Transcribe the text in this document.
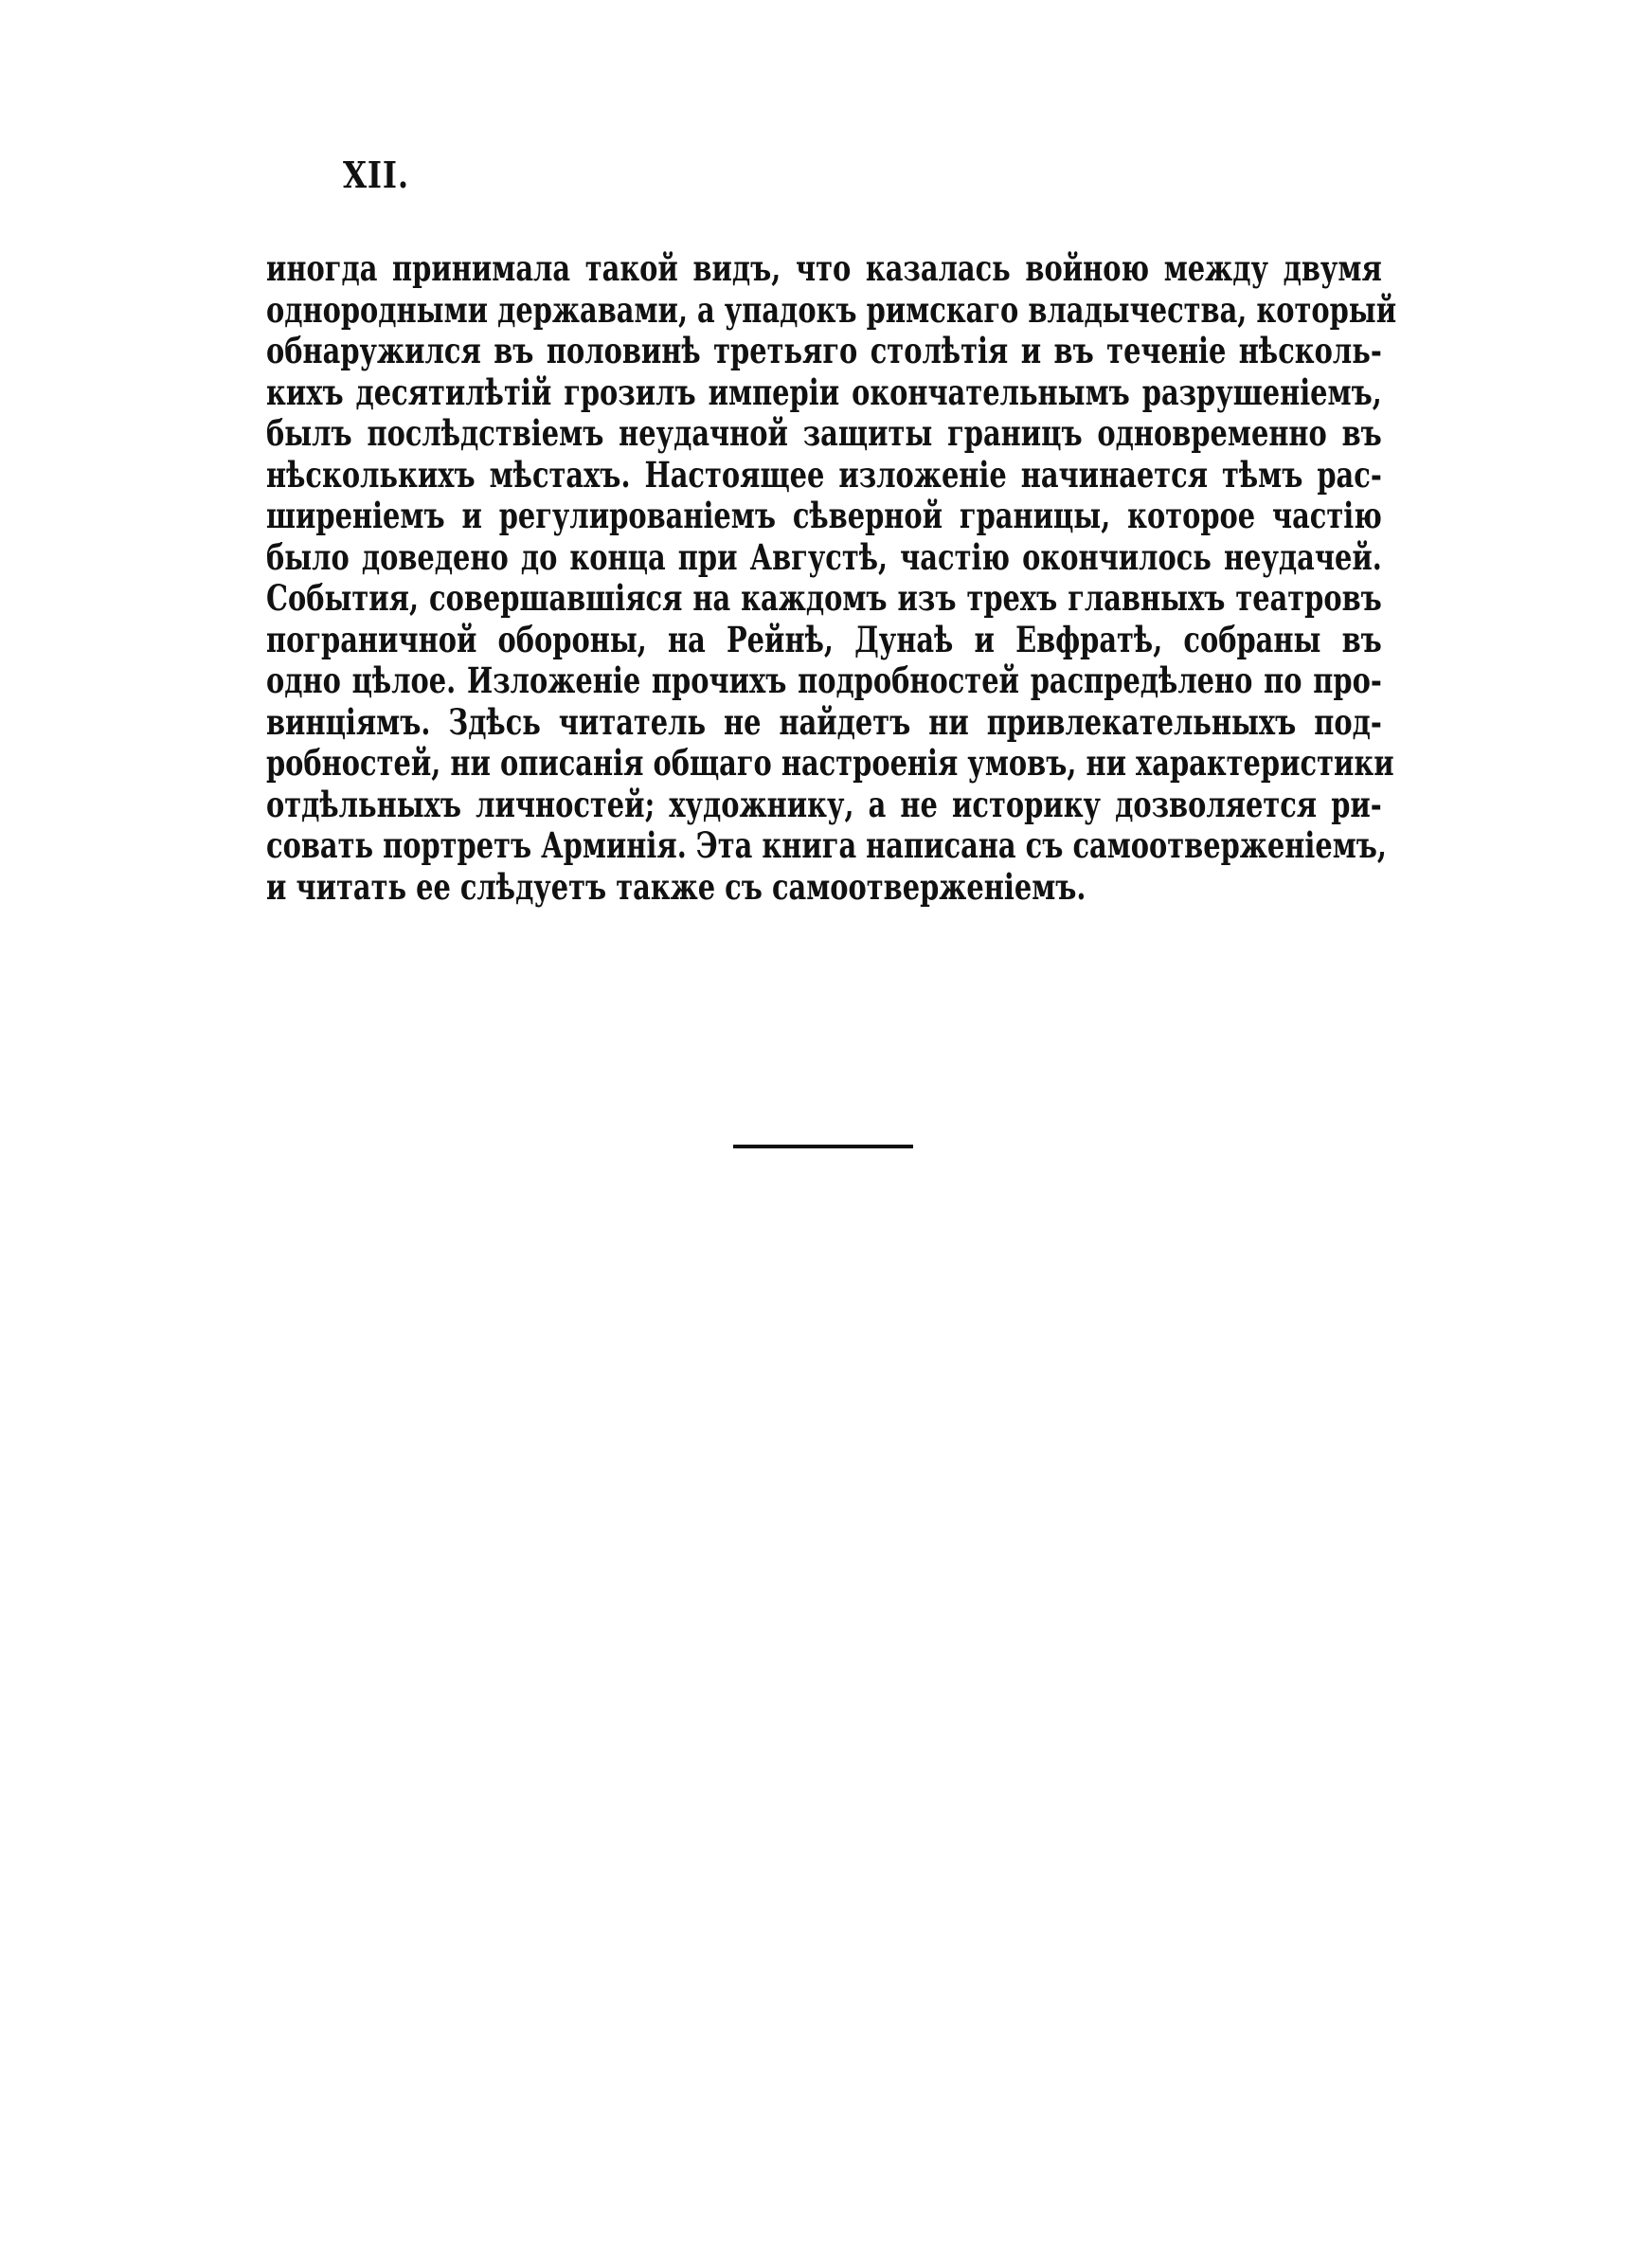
XII.
иногда принимала такой видъ, что казалась войною между двумя
однородными державами, а упадокъ римскаго владычества, который
обнаружился въ половинѣ третьяго столѣтія и въ теченіе нѣсколь-
кихъ десятилѣтій грозилъ имперіи окончательнымъ разрушеніемъ,
былъ послѣдствіемъ неудачной защиты границъ одновременно въ
нѣсколькихъ мѣстахъ. Настоящее изложеніе начинается тѣмъ рас-
ширеніемъ и регулированіемъ сѣверной границы, которое частію
было доведено до конца при Августѣ, частію окончилось неудачей.
События, совершавшіяся на каждомъ изъ трехъ главныхъ театровъ
пограничной обороны, на Рейнѣ, Дунаѣ и Евфратѣ, собраны въ
одно цѣлое. Изложеніе прочихъ подробностей распредѣлено по про-
винціямъ. Здѣсь читатель не найдетъ ни привлекательныхъ под-
робностей, ни описанія общаго настроенія умовъ, ни характеристики
отдѣльныхъ личностей; художнику, а не историку дозволяется ри-
совать портретъ Арминія. Эта книга написана съ самоотверженіемъ,
и читать ее слѣдуетъ также съ самоотверженіемъ.
